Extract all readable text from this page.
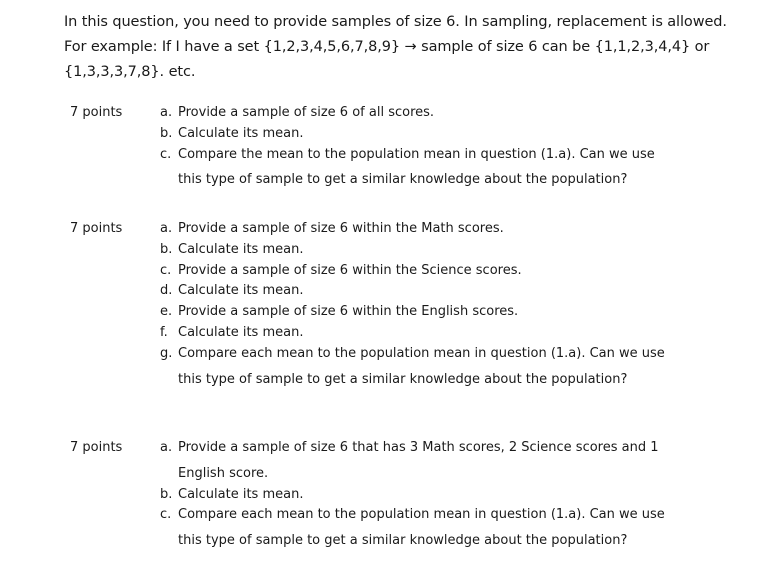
In this question, you need to provide samples of size 6. In sampling, replacement is allowed.

For example: If I have a set {1,2,3,4,5,6,7,8,9} → sample of size 6 can be {1,1,2,3,4,4} or

{1,3,3,3,7,8}. etc.

7 points	a. Provide a sample of size 6 of all scores.
b. Calculate its mean.
c. Compare the mean to the population mean in question (1.a). Can we use this type of sample to get a similar knowledge about the population?
7 points	a. Provide a sample of size 6 within the Math scores.
b. Calculate its mean.
c. Provide a sample of size 6 within the Science scores.
d. Calculate its mean.
e. Provide a sample of size 6 within the English scores.
f. Calculate its mean.
g. Compare each mean to the population mean in question (1.a). Can we use this type of sample to get a similar knowledge about the population?
7 points	a. Provide a sample of size 6 that has 3 Math scores, 2 Science scores and 1 English score.
b. Calculate its mean.
c. Compare each mean to the population mean in question (1.a). Can we use this type of sample to get a similar knowledge about the population?
